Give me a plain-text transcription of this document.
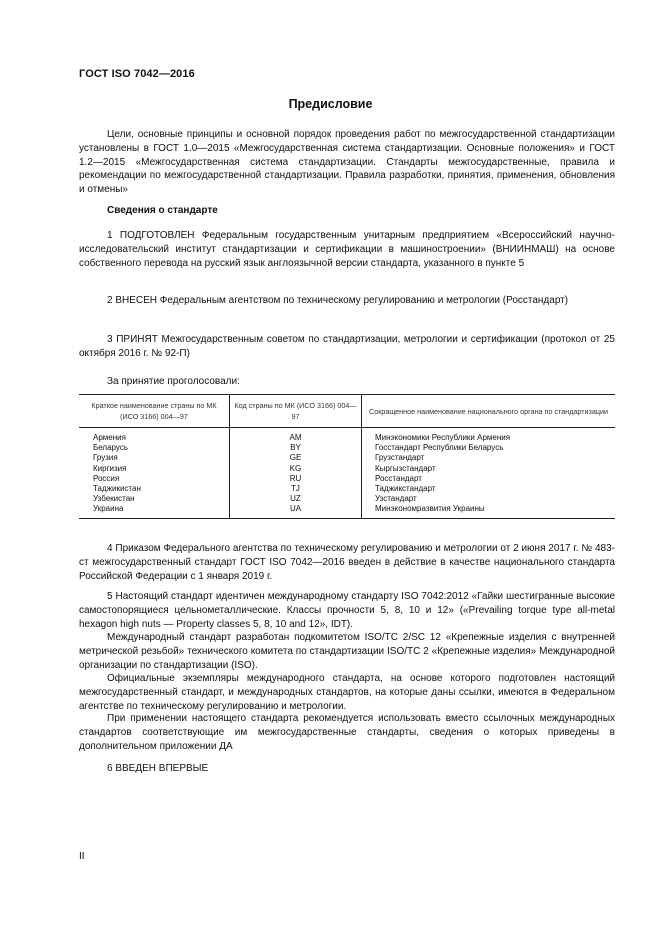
ГОСТ ISO 7042—2016
Предисловие

Цели, основные принципы и основной порядок проведения работ по межгосударственной стандартизации установлены в ГОСТ 1.0—2015 «Межгосударственная система стандартизации. Основные положения» и ГОСТ 1.2—2015 «Межгосударственная система стандартизации. Стандарты межгосударственные, правила и рекомендации по межгосударственной стандартизации. Правила разработки, принятия, применения, обновления и отмены»

Сведения о стандарте

1 ПОДГОТОВЛЕН Федеральным государственным унитарным предприятием «Всероссийский научно-исследовательский институт стандартизации и сертификации в машиностроении» (ВНИИНМАШ) на основе собственного перевода на русский язык англоязычной версии стандарта, указанного в пункте 5

2 ВНЕСЕН Федеральным агентством по техническому регулированию и метрологии (Росстандарт)

3 ПРИНЯТ Межгосударственным советом по стандартизации, метрологии и сертификации (протокол от 25 октября 2016 г. № 92-П)

За принятие проголосовали:
Краткое наименование страны по МК (ИСО 3166) 004—97	Код страны по МК (ИСО 3166) 004—97	Сокращенное наименование национального органа по стандартизации
Армения	AM	Минэкономики Республики Армения
Беларусь	BY	Госстандарт Республики Беларусь
Грузия	GE	Грузстандарт
Киргизия	KG	Кыргызстандарт
Россия	RU	Росстандарт
Таджикистан	TJ	Таджикстандарт
Узбекистан	UZ	Узстандарт
Украина	UA	Минэкономразвития Украины

4 Приказом Федерального агентства по техническому регулированию и метрологии от 2 июня 2017 г. № 483-ст межгосударственный стандарт ГОСТ ISO 7042—2016 введен в действие в качестве национального стандарта Российской Федерации с 1 января 2019 г.

5 Настоящий стандарт идентичен международному стандарту ISO 7042:2012 «Гайки шестигранные высокие самостопорящиеся цельнометаллические. Классы прочности 5, 8, 10 и 12» («Prevailing torque type all-metal hexagon high nuts — Property classes 5, 8, 10 and 12», IDT).

Международный стандарт разработан подкомитетом ISO/TC 2/SC 12 «Крепежные изделия с внутренней метрической резьбой» технического комитета по стандартизации ISO/TC 2 «Крепежные изделия» Международной организации по стандартизации (ISO).

Официальные экземпляры международного стандарта, на основе которого подготовлен настоящий межгосударственный стандарт, и международных стандартов, на которые даны ссылки, имеются в Федеральном агентстве по техническому регулированию и метрологии.

При применении настоящего стандарта рекомендуется использовать вместо ссылочных международных стандартов соответствующие им межгосударственные стандарты, сведения о которых приведены в дополнительном приложении ДА

6 ВВЕДЕН ВПЕРВЫЕ

II
